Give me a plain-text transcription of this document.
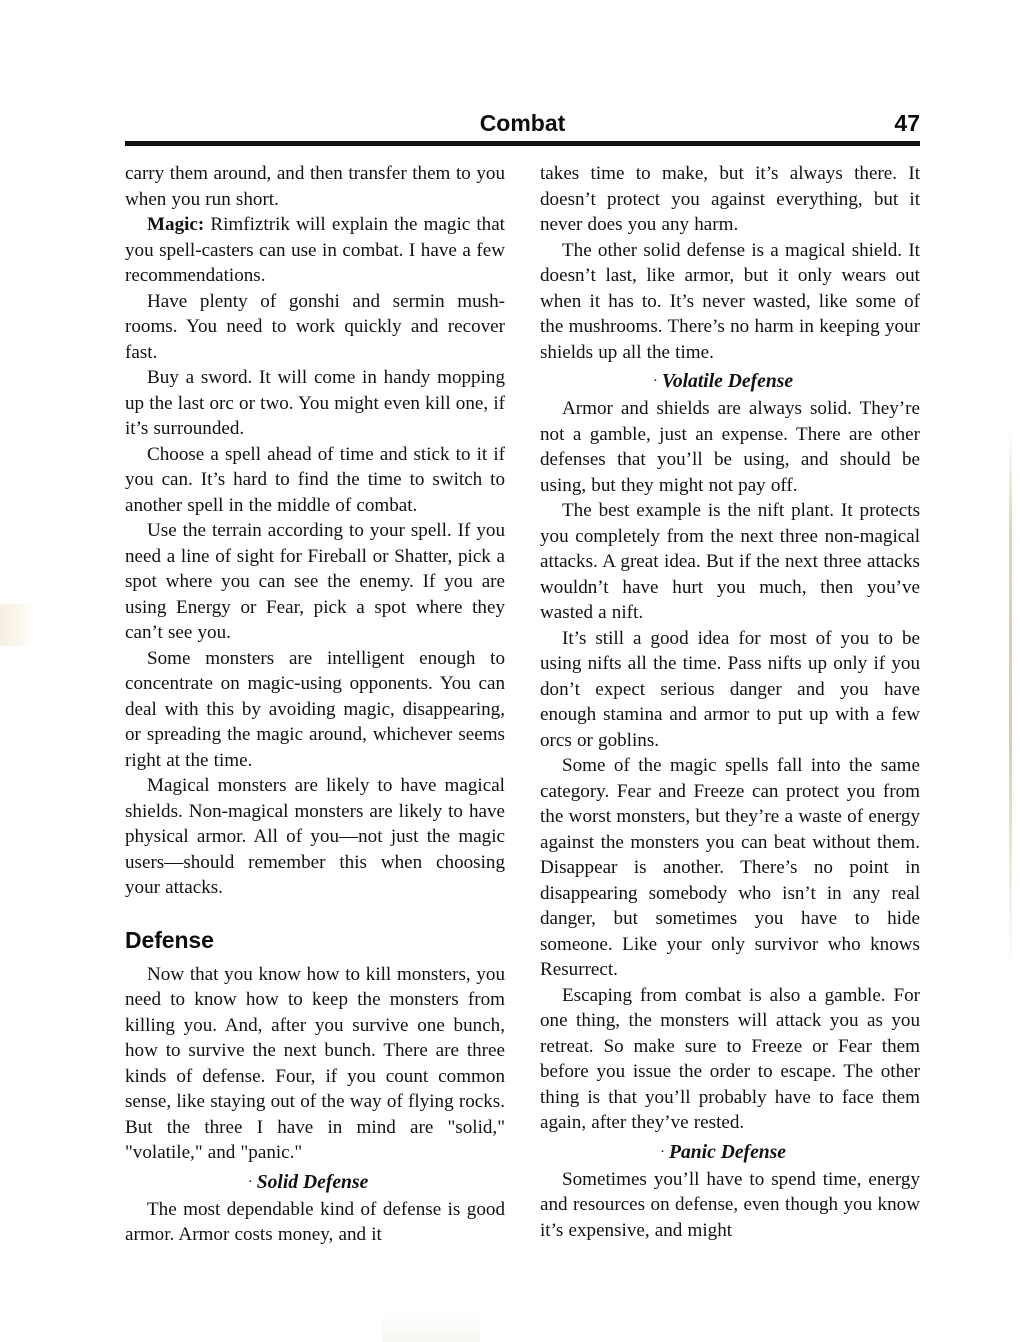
Combat	47

carry them around, and then transfer them to you when you run short.

Magic: Rimfiztrik will explain the magic that you spell-casters can use in combat. I have a few recommendations.

Have plenty of gonshi and sermin mush-rooms. You need to work quickly and recover fast.

Buy a sword. It will come in handy mopping up the last orc or two. You might even kill one, if it’s surrounded.

Choose a spell ahead of time and stick to it if you can. It’s hard to find the time to switch to another spell in the middle of combat.

Use the terrain according to your spell. If you need a line of sight for Fireball or Shatter, pick a spot where you can see the enemy. If you are using Energy or Fear, pick a spot where they can’t see you.

Some monsters are intelligent enough to concentrate on magic-using opponents. You can deal with this by avoiding magic, disappearing, or spreading the magic around, whichever seems right at the time.

Magical monsters are likely to have magical shields. Non-magical monsters are likely to have physical armor. All of you—not just the magic users—should remember this when choosing your attacks.

Defense

Now that you know how to kill monsters, you need to know how to keep the monsters from killing you. And, after you survive one bunch, how to survive the next bunch. There are three kinds of defense. Four, if you count common sense, like staying out of the way of flying rocks. But the three I have in mind are "solid," "volatile," and "panic."

· Solid Defense

The most dependable kind of defense is good armor. Armor costs money, and it

takes time to make, but it’s always there. It doesn’t protect you against everything, but it never does you any harm.

The other solid defense is a magical shield. It doesn’t last, like armor, but it only wears out when it has to. It’s never wasted, like some of the mushrooms. There’s no harm in keeping your shields up all the time.

· Volatile Defense

Armor and shields are always solid. They’re not a gamble, just an expense. There are other defenses that you’ll be using, and should be using, but they might not pay off.

The best example is the nift plant. It protects you completely from the next three non-magical attacks. A great idea. But if the next three attacks wouldn’t have hurt you much, then you’ve wasted a nift.

It’s still a good idea for most of you to be using nifts all the time. Pass nifts up only if you don’t expect serious danger and you have enough stamina and armor to put up with a few orcs or goblins.

Some of the magic spells fall into the same category. Fear and Freeze can protect you from the worst monsters, but they’re a waste of energy against the monsters you can beat without them. Disappear is another. There’s no point in disappearing somebody who isn’t in any real danger, but sometimes you have to hide someone. Like your only survivor who knows Resurrect.

Escaping from combat is also a gamble. For one thing, the monsters will attack you as you retreat. So make sure to Freeze or Fear them before you issue the order to escape. The other thing is that you’ll probably have to face them again, after they’ve rested.

· Panic Defense

Sometimes you’ll have to spend time, energy and resources on defense, even though you know it’s expensive, and might
